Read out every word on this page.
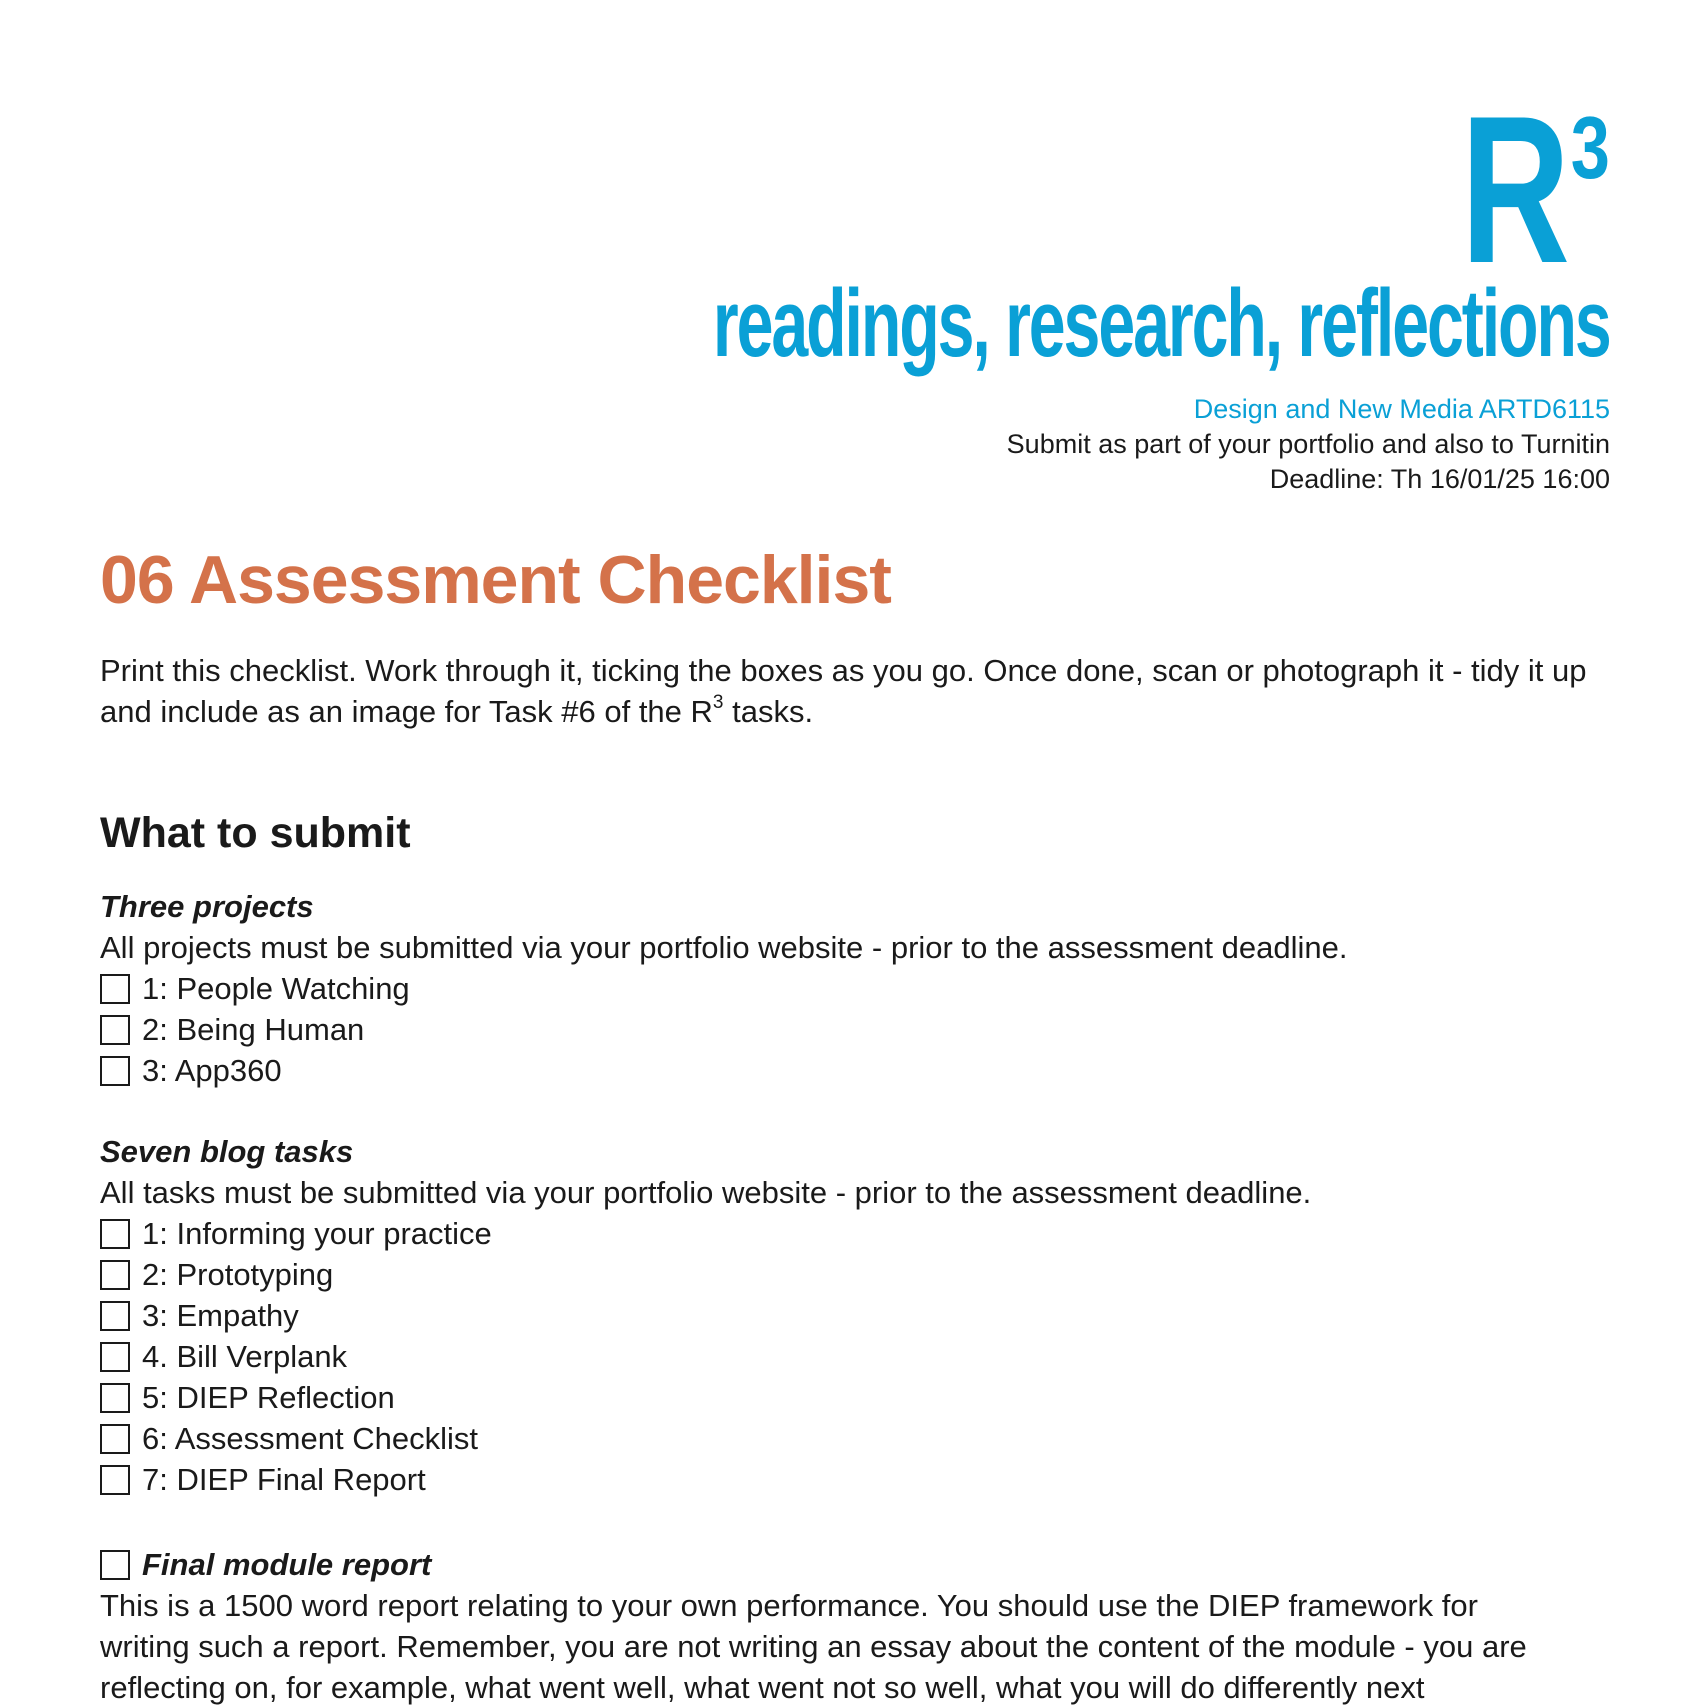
R 3
readings, research, reflections
Design and New Media ARTD6115
Submit as part of your portfolio and also to Turnitin
Deadline: Th 16/01/25 16:00
06 Assessment Checklist

Print this checklist. Work through it, ticking the boxes as you go. Once done, scan or photograph it - tidy it up and include as an image for Task #6 of the $R^3$ tasks.

What to submit
Three projects

All projects must be submitted via your portfolio website - prior to the assessment deadline.

1: People Watching
2: Being Human
3: App360
Seven blog tasks

All tasks must be submitted via your portfolio website - prior to the assessment deadline.

1: Informing your practice
2: Prototyping
3: Empathy
4. Bill Verplank
5: DIEP Reflection
6: Assessment Checklist
7: DIEP Final Report
Final module report

This is a 1500 word report relating to your own performance. You should use the DIEP framework for writing such a report. Remember, you are not writing an essay about the content of the module - you are reflecting on, for example, what went well, what went not so well, what you will do differently next
